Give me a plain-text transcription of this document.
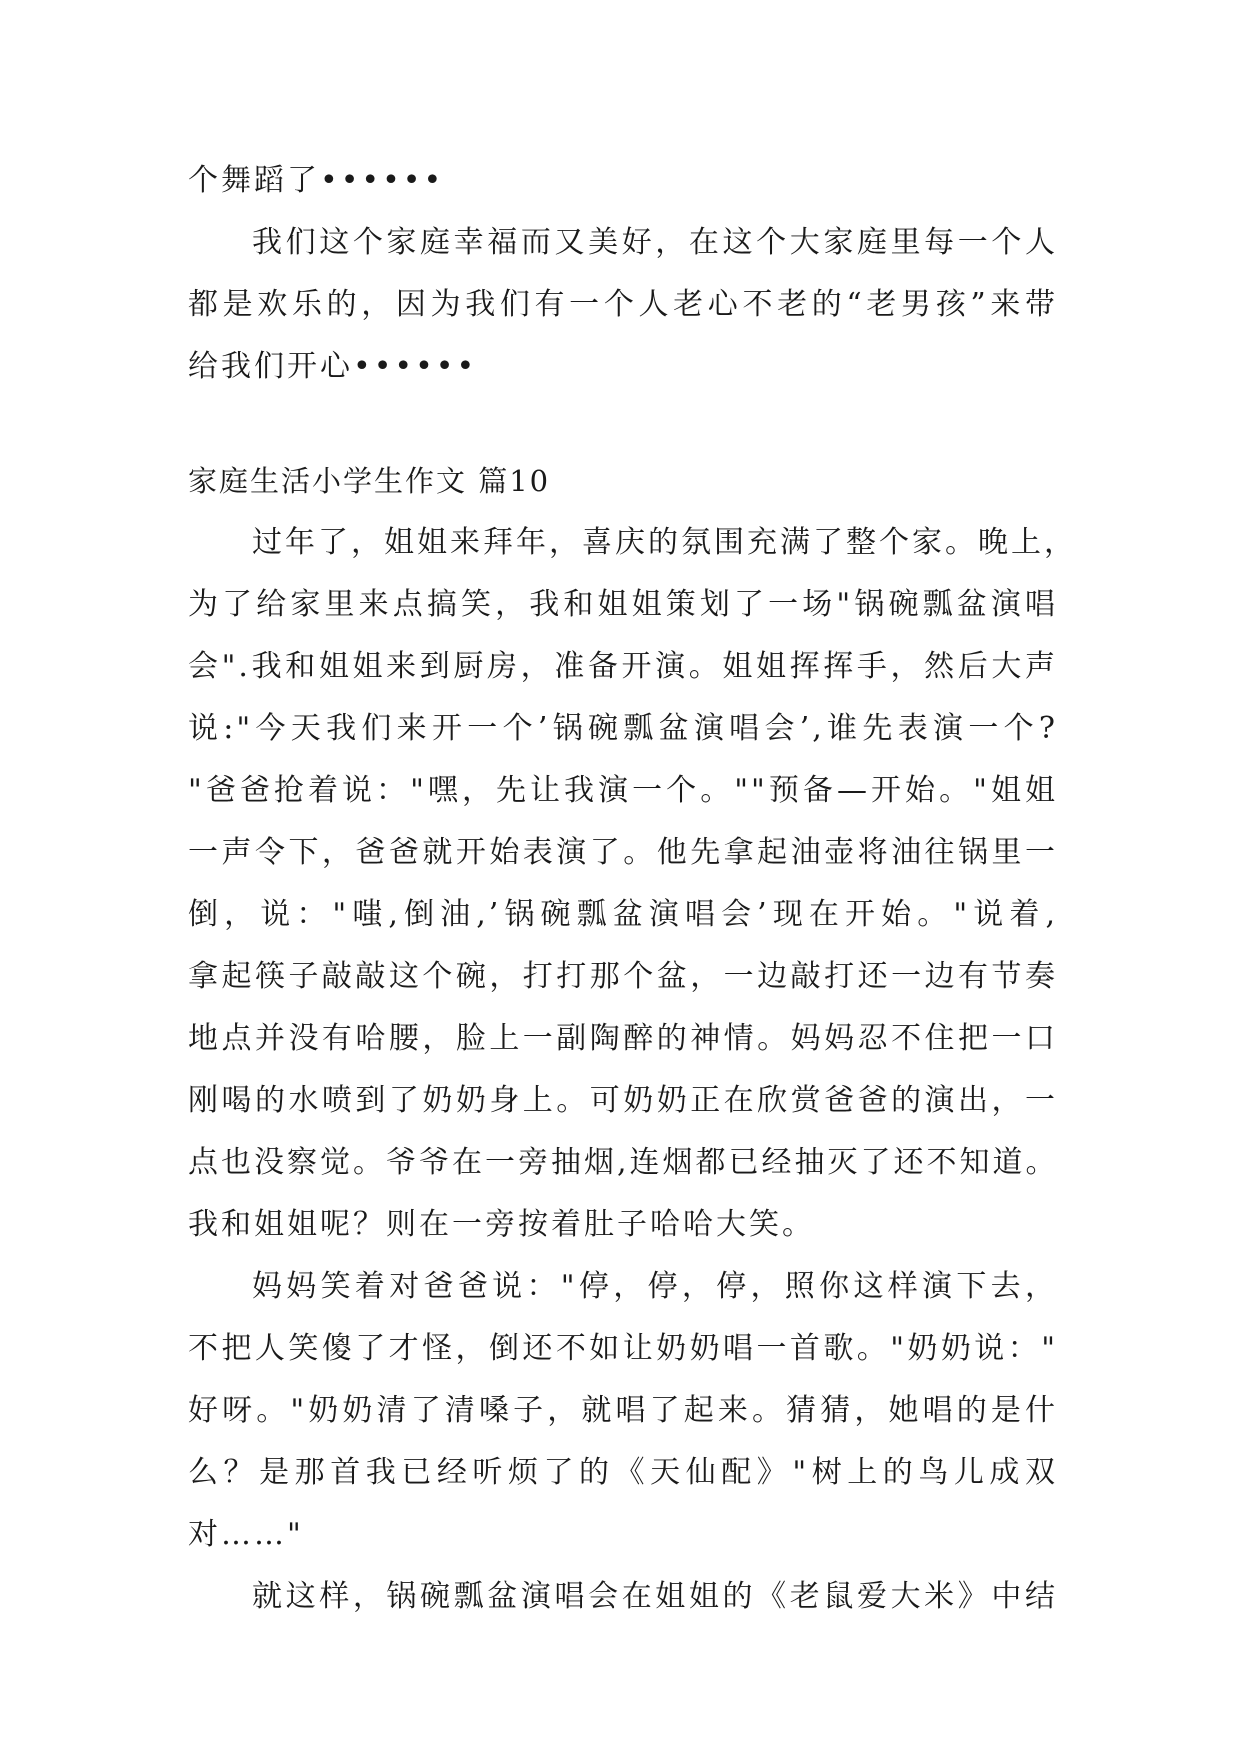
个舞蹈了••••••
我们这个家庭幸福而又美好，在这个大家庭里每一个人
都是欢乐的，因为我们有一个人老心不老的“老男孩”来带
给我们开心••••••
家庭生活小学生作文 篇10
过年了，姐姐来拜年，喜庆的氛围充满了整个家。晚上，
为了给家里来点搞笑，我和姐姐策划了一场"锅碗瓢盆演唱
会".我和姐姐来到厨房，准备开演。姐姐挥挥手，然后大声
说:"今天我们来开一个’锅碗瓢盆演唱会’,谁先表演一个?
"爸爸抢着说："嘿，先让我演一个。""预备—开始。"姐姐
一声令下，爸爸就开始表演了。他先拿起油壶将油往锅里一
倒，说："嗤,倒油,’锅碗瓢盆演唱会’现在开始。"说着,
拿起筷子敲敲这个碗，打打那个盆，一边敲打还一边有节奏
地点并没有哈腰，脸上一副陶醉的神情。妈妈忍不住把一口
刚喝的水喷到了奶奶身上。可奶奶正在欣赏爸爸的演出，一
点也没察觉。爷爷在一旁抽烟,连烟都已经抽灭了还不知道。
我和姐姐呢？则在一旁按着肚子哈哈大笑。
妈妈笑着对爸爸说："停，停，停，照你这样演下去，
不把人笑傻了才怪，倒还不如让奶奶唱一首歌。"奶奶说："
好呀。"奶奶清了清嗓子，就唱了起来。猜猜，她唱的是什
么？是那首我已经听烦了的《天仙配》"树上的鸟儿成双
对……"
就这样，锅碗瓢盆演唱会在姐姐的《老鼠爱大米》中结
